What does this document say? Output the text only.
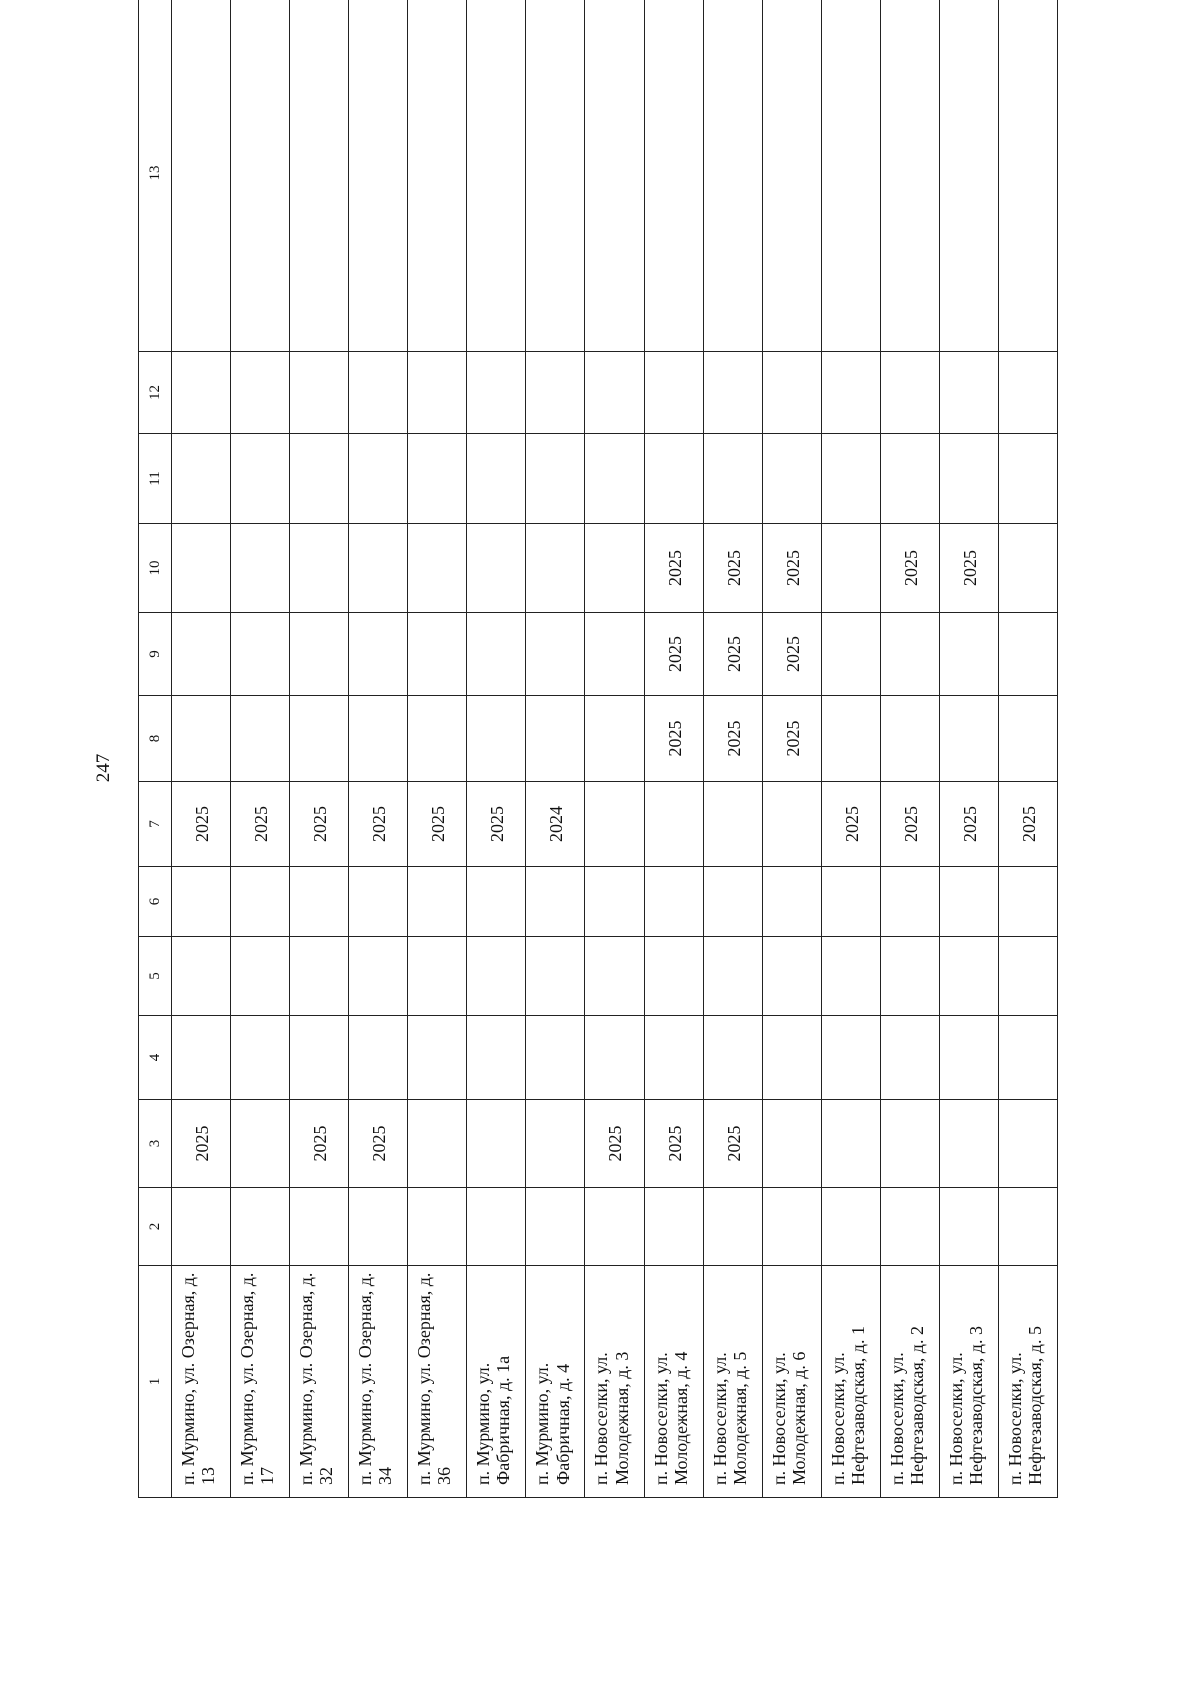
247
1	2	3	4	5	6	7	8	9	10	11	12	13
п. Мурмино, ул. Озерная, д. 13		2025				2025						
п. Мурмино, ул. Озерная, д. 17						2025						
п. Мурмино, ул. Озерная, д. 32		2025				2025						
п. Мурмино, ул. Озерная, д. 34		2025				2025						
п. Мурмино, ул. Озерная, д. 36						2025						
п. Мурмино, ул. Фабричная, д. 1а						2025						
п. Мурмино, ул. Фабричная, д. 4						2024						
п. Новоселки, ул. Молодежная, д. 3		2025										
п. Новоселки, ул. Молодежная, д. 4		2025					2025	2025	2025			
п. Новоселки, ул. Молодежная, д. 5		2025					2025	2025	2025			
п. Новоселки, ул. Молодежная, д. 6							2025	2025	2025			
п. Новоселки, ул. Нефтезаводская, д. 1						2025						
п. Новоселки, ул. Нефтезаводская, д. 2						2025			2025			
п. Новоселки, ул. Нефтезаводская, д. 3						2025			2025			
п. Новоселки, ул. Нефтезаводская, д. 5						2025						
